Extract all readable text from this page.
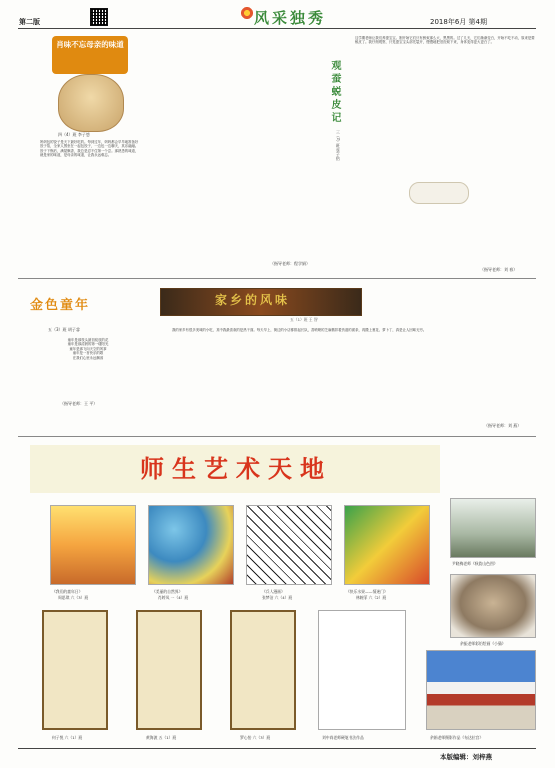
第二版	风采独秀	2018年6月 第4期
肖味不忘母亲的味道
四（4）班 李子悠
妈妈包的饺子是天下最好吃的。每到过年，妈妈都会早早地准备好饺子馅，全家人围坐在一起包饺子，一边包一边聊天，其乐融融。饺子下锅后，满屋飘香，我总是忍不住第一个尝。那熟悉的味道，就是家的味道，是母亲的味道，让我永远难忘。
（指导老师：程学娟）
观蚕蜕皮记
三（2）班 蔡子怡
这学期老师让我们养蚕宝宝。刚开始它们只有蚂蚁那么大，黑黑的。过了几天，它们渐渐变白，开始不吃不动，原来是要蜕皮了。我仔细观察，只见蚕宝宝头部先裂开，慢慢地把旧皮蜕下来，身体变得更大更白了。
（指导老师：刘 春）
金色童年
五（3）班 胡子睿
童年是那枝头最初绽放的花
童年是那清晨的第一缕阳光
童年是那飞向天空的风筝
童年是一首快乐的歌
在我们心里永远飘荡
（指导老师：王 平）
家乡的风味
五（1）班 王 智
我的家乡有很多美味的小吃，其中我最喜欢的是热干面。每天早上，街边的小店都排起长队，香喷喷的芝麻酱拌着劲道的面条，再撒上葱花、萝卜丁，真是让人回味无穷。
（指导老师：刘 燕）
师生艺术天地
《我们的童年日》
周思琪 六（3）班
《美丽的自然界》
肖婷凤 一（4）班
《兵人漫画》
张梦洁 六（4）班
《快乐水果——情迷门》
林婉菲 六（2）班
尹晓梅老师《秋韵山色图》
余振老师彩铅绘画《小猫》
何子悦 六（1）班	黄海波 五（1）班	罗心怡 六（3）班	刘中尚老师硬笔书法作品	余娟老师摄影作品《布达拉宫》
本版编辑：刘梓燕
